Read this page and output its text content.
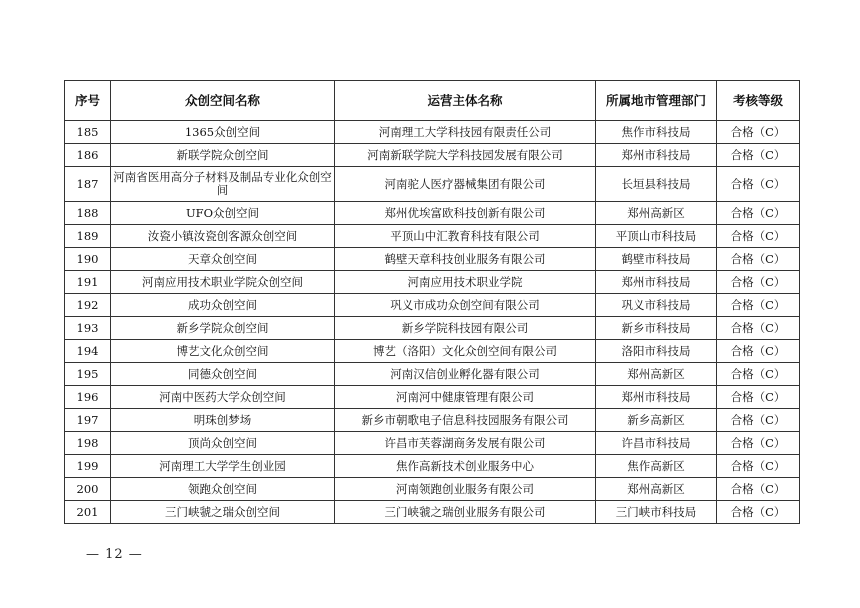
序号	众创空间名称	运营主体名称	所属地市管理部门	考核等级
185	1365众创空间	河南理工大学科技园有限责任公司	焦作市科技局	合格（C）
186	新联学院众创空间	河南新联学院大学科技园发展有限公司	郑州市科技局	合格（C）
187	河南省医用高分子材料及制品专业化众创空间	河南驼人医疗器械集团有限公司	长垣县科技局	合格（C）
188	UFO众创空间	郑州优埃富欧科技创新有限公司	郑州高新区	合格（C）
189	汝瓷小镇汝瓷创客源众创空间	平顶山中汇教育科技有限公司	平顶山市科技局	合格（C）
190	天章众创空间	鹤壁天章科技创业服务有限公司	鹤壁市科技局	合格（C）
191	河南应用技术职业学院众创空间	河南应用技术职业学院	郑州市科技局	合格（C）
192	成功众创空间	巩义市成功众创空间有限公司	巩义市科技局	合格（C）
193	新乡学院众创空间	新乡学院科技园有限公司	新乡市科技局	合格（C）
194	博艺文化众创空间	博艺（洛阳）文化众创空间有限公司	洛阳市科技局	合格（C）
195	同德众创空间	河南汉信创业孵化器有限公司	郑州高新区	合格（C）
196	河南中医药大学众创空间	河南河中健康管理有限公司	郑州市科技局	合格（C）
197	明珠创梦场	新乡市朝歌电子信息科技园服务有限公司	新乡高新区	合格（C）
198	顶尚众创空间	许昌市芙蓉湖商务发展有限公司	许昌市科技局	合格（C）
199	河南理工大学学生创业园	焦作高新技术创业服务中心	焦作高新区	合格（C）
200	领跑众创空间	河南领跑创业服务有限公司	郑州高新区	合格（C）
201	三门峡虢之瑞众创空间	三门峡虢之瑞创业服务有限公司	三门峡市科技局	合格（C）
— 12 —
